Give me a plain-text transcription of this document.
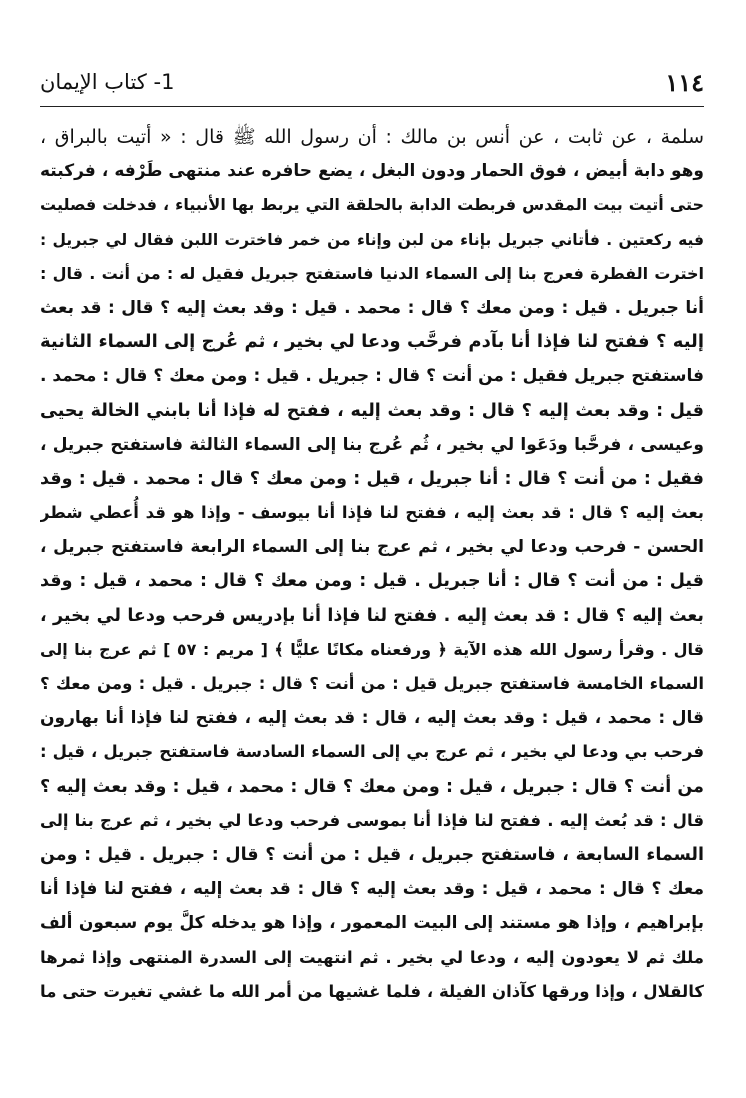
١١٤
1- كتاب الإيمان
سلمة ، عن ثابت ، عن أنس بن مالك : أن رسول الله ﷺ قال : « أتيت بالبراق ،
وهو دابة أبيض ، فوق الحمار ودون البغل ، يضع حافره عند منتهى طَرْفه ، فركبته
حتى أتيت بيت المقدس فربطت الدابة بالحلقة التي يربط بها الأنبياء ، فدخلت فصليت
فيه ركعتين . فأتاني جبريل بإناء من لبن وإناء من خمر فاخترت اللبن فقال لي جبريل :
اخترت الفطرة فعرج بنا إلى السماء الدنيا فاستفتح جبريل فقيل له : من أنت . قال :
أنا جبريل . قيل : ومن معك ؟ قال : محمد . قيل : وقد بعث إليه ؟ قال : قد بعث
إليه ؟ ففتح لنا فإذا أنا بآدم فرحَّب ودعا لي بخير ، ثم عُرج إلى السماء الثانية
فاستفتح جبريل فقيل : من أنت ؟ قال : جبريل . قيل : ومن معك ؟ قال : محمد .
قيل : وقد بعث إليه ؟ قال : وقد بعث إليه ، ففتح له فإذا أنا بابني الخالة يحيى
وعيسى ، فرحَّبا ودَعَوا لي بخير ، ثُم عُرج بنا إلى السماء الثالثة فاستفتح جبريل ،
فقيل : من أنت ؟ قال : أنا جبريل ، قيل : ومن معك ؟ قال : محمد . قيل : وقد
بعث إليه ؟ قال : قد بعث إليه ، ففتح لنا فإذا أنا بيوسف - وإذا هو قد أُعطي شطر
الحسن - فرحب ودعا لي بخير ، ثم عرج بنا إلى السماء الرابعة فاستفتح جبريل ،
قيل : من أنت ؟ قال : أنا جبريل . قيل : ومن معك ؟ قال : محمد ، قيل : وقد
بعث إليه ؟ قال : قد بعث إليه . ففتح لنا فإذا أنا بإدريس فرحب ودعا لي بخير ،
قال . وقرأ رسول الله هذه الآية ﴿ ورفعناه مكانًا عليًّا ﴾ [ مريم : ٥٧ ] ثم عرج بنا إلى
السماء الخامسة فاستفتح جبريل قيل : من أنت ؟ قال : جبريل . قيل : ومن معك ؟
قال : محمد ، قيل : وقد بعث إليه ، قال : قد بعث إليه ، ففتح لنا فإذا أنا بهارون
فرحب بي ودعا لي بخير ، ثم عرج بي إلى السماء السادسة فاستفتح جبريل ، قيل :
من أنت ؟ قال : جبريل ، قيل : ومن معك ؟ قال : محمد ، قيل : وقد بعث إليه ؟
قال : قد بُعث إليه . ففتح لنا فإذا أنا بموسى فرحب ودعا لي بخير ، ثم عرج بنا إلى
السماء السابعة ، فاستفتح جبريل ، قيل : من أنت ؟ قال : جبريل . قيل : ومن
معك ؟ قال : محمد ، قيل : وقد بعث إليه ؟ قال : قد بعث إليه ، ففتح لنا فإذا أنا
بإبراهيم ، وإذا هو مستند إلى البيت المعمور ، وإذا هو يدخله كلَّ يوم سبعون ألف
ملك ثم لا يعودون إليه ، ودعا لي بخير . ثم انتهيت إلى السدرة المنتهى وإذا ثمرها
كالقلال ، وإذا ورقها كآذان الفيلة ، فلما غشيها من أمر الله ما غشي تغيرت حتى ما
